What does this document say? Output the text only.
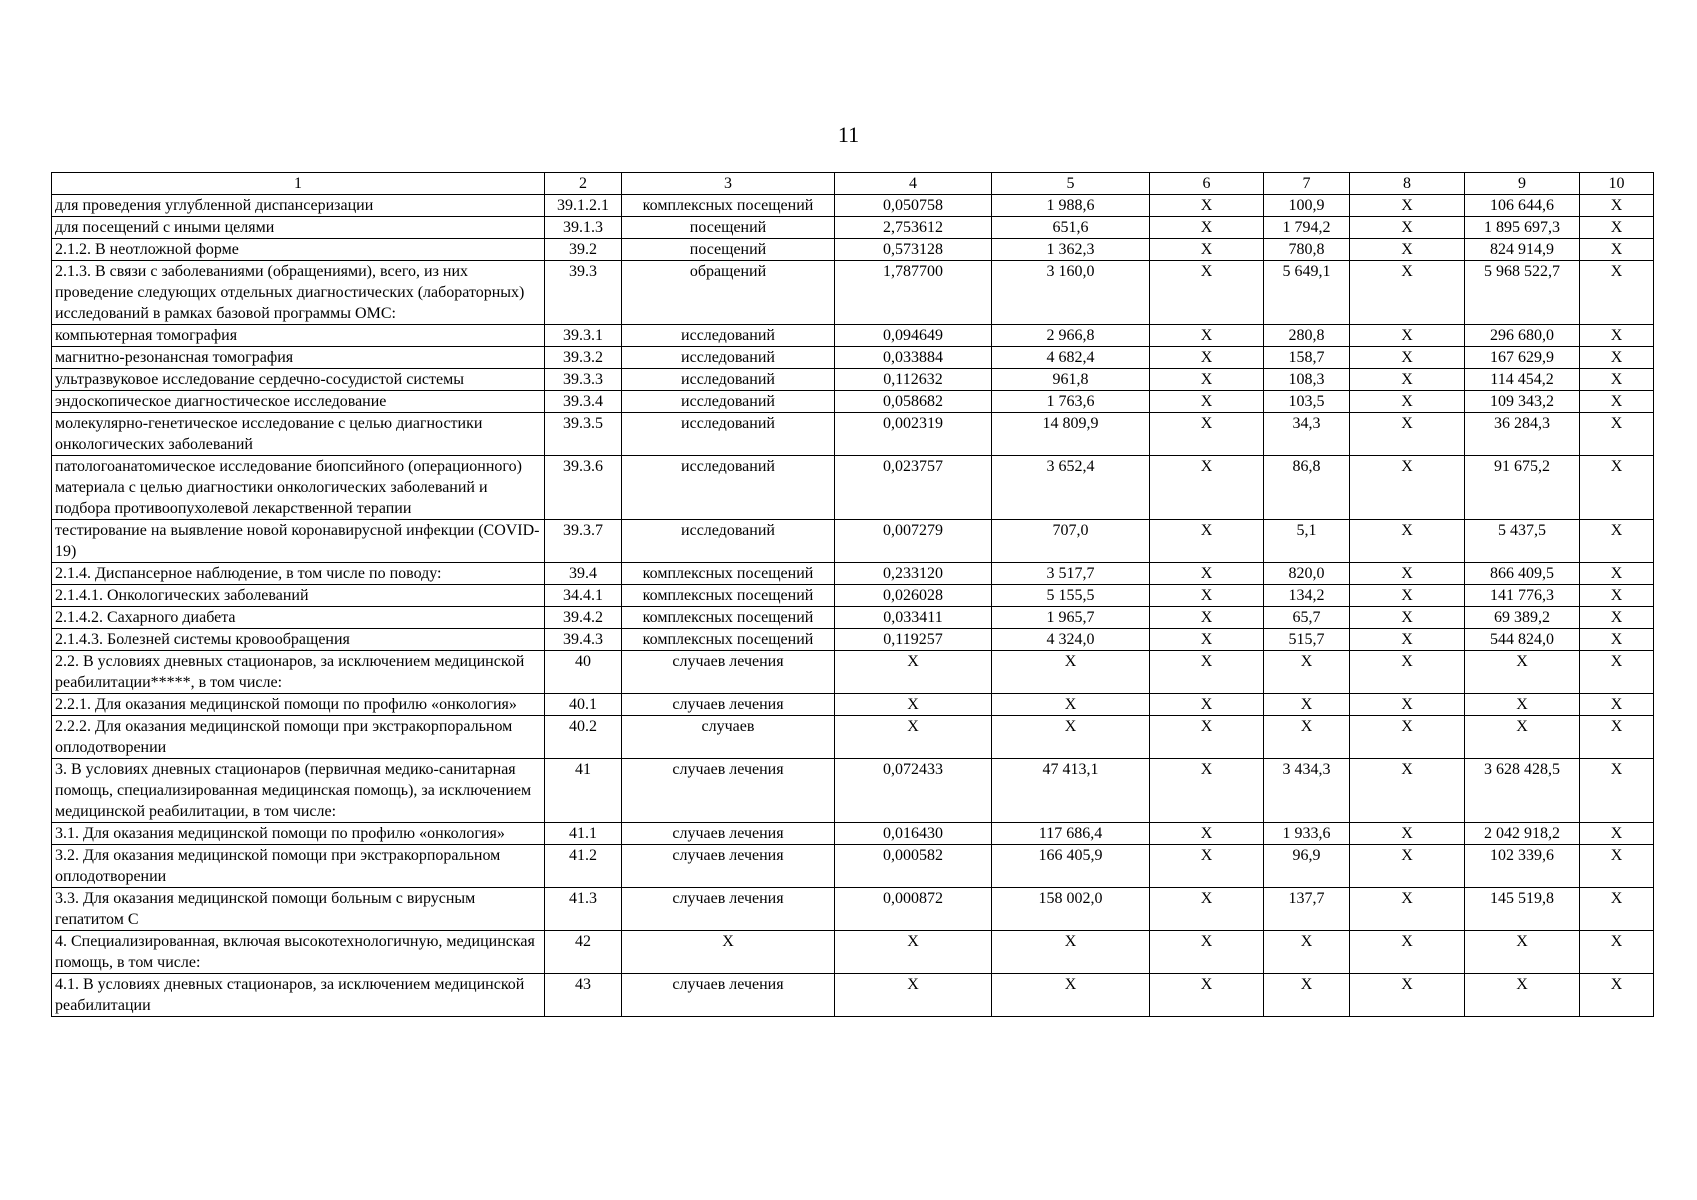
11
1	2	3	4	5	6	7	8	9	10
для проведения углубленной диспансеризации	39.1.2.1	комплексных посещений	0,050758	1 988,6	Х	100,9	Х	106 644,6	Х
для посещений с иными целями	39.1.3	посещений	2,753612	651,6	Х	1 794,2	Х	1 895 697,3	Х
2.1.2. В неотложной форме	39.2	посещений	0,573128	1 362,3	Х	780,8	Х	824 914,9	Х
2.1.3. В связи с заболеваниями (обращениями), всего, из них проведение следующих отдельных диагностических (лабораторных) исследований в рамках базовой программы ОМС:	39.3	обращений	1,787700	3 160,0	Х	5 649,1	Х	5 968 522,7	Х
компьютерная томография	39.3.1	исследований	0,094649	2 966,8	Х	280,8	Х	296 680,0	Х
магнитно-резонансная томография	39.3.2	исследований	0,033884	4 682,4	Х	158,7	Х	167 629,9	Х
ультразвуковое исследование сердечно-сосудистой системы	39.3.3	исследований	0,112632	961,8	Х	108,3	Х	114 454,2	Х
эндоскопическое диагностическое исследование	39.3.4	исследований	0,058682	1 763,6	Х	103,5	Х	109 343,2	Х
молекулярно-генетическое исследование с целью диагностики онкологических заболеваний	39.3.5	исследований	0,002319	14 809,9	Х	34,3	Х	36 284,3	Х
патологоанатомическое исследование биопсийного (операционного) материала с целью диагностики онкологических заболеваний и подбора противоопухолевой лекарственной терапии	39.3.6	исследований	0,023757	3 652,4	Х	86,8	Х	91 675,2	Х
тестирование на выявление новой коронавирусной инфекции (COVID-19)	39.3.7	исследований	0,007279	707,0	Х	5,1	Х	5 437,5	Х
2.1.4. Диспансерное наблюдение, в том числе по поводу:	39.4	комплексных посещений	0,233120	3 517,7	Х	820,0	Х	866 409,5	Х
2.1.4.1. Онкологических заболеваний	34.4.1	комплексных посещений	0,026028	5 155,5	Х	134,2	Х	141 776,3	Х
2.1.4.2. Сахарного диабета	39.4.2	комплексных посещений	0,033411	1 965,7	Х	65,7	Х	69 389,2	Х
2.1.4.3. Болезней системы кровообращения	39.4.3	комплексных посещений	0,119257	4 324,0	Х	515,7	Х	544 824,0	Х
2.2. В условиях дневных стационаров, за исключением медицинской реабилитации*****, в том числе:	40	случаев лечения	Х	Х	Х	Х	Х	Х	Х
2.2.1. Для оказания медицинской помощи по профилю «онкология»	40.1	случаев лечения	Х	Х	Х	Х	Х	Х	Х
2.2.2. Для оказания медицинской помощи при экстракорпоральном оплодотворении	40.2	случаев	Х	Х	Х	Х	Х	Х	Х
3. В условиях дневных стационаров (первичная медико-санитарная помощь, специализированная медицинская помощь), за исключением медицинской реабилитации, в том числе:	41	случаев лечения	0,072433	47 413,1	Х	3 434,3	Х	3 628 428,5	Х
3.1. Для оказания медицинской помощи по профилю «онкология»	41.1	случаев лечения	0,016430	117 686,4	Х	1 933,6	Х	2 042 918,2	Х
3.2. Для оказания медицинской помощи при экстракорпоральном оплодотворении	41.2	случаев лечения	0,000582	166 405,9	Х	96,9	Х	102 339,6	Х
3.3. Для оказания медицинской помощи больным с вирусным гепатитом С	41.3	случаев лечения	0,000872	158 002,0	Х	137,7	Х	145 519,8	Х
4. Специализированная, включая высокотехнологичную, медицинская помощь, в том числе:	42	Х	Х	Х	Х	Х	Х	Х	Х
4.1. В условиях дневных стационаров, за исключением медицинской реабилитации	43	случаев лечения	Х	Х	Х	Х	Х	Х	Х
